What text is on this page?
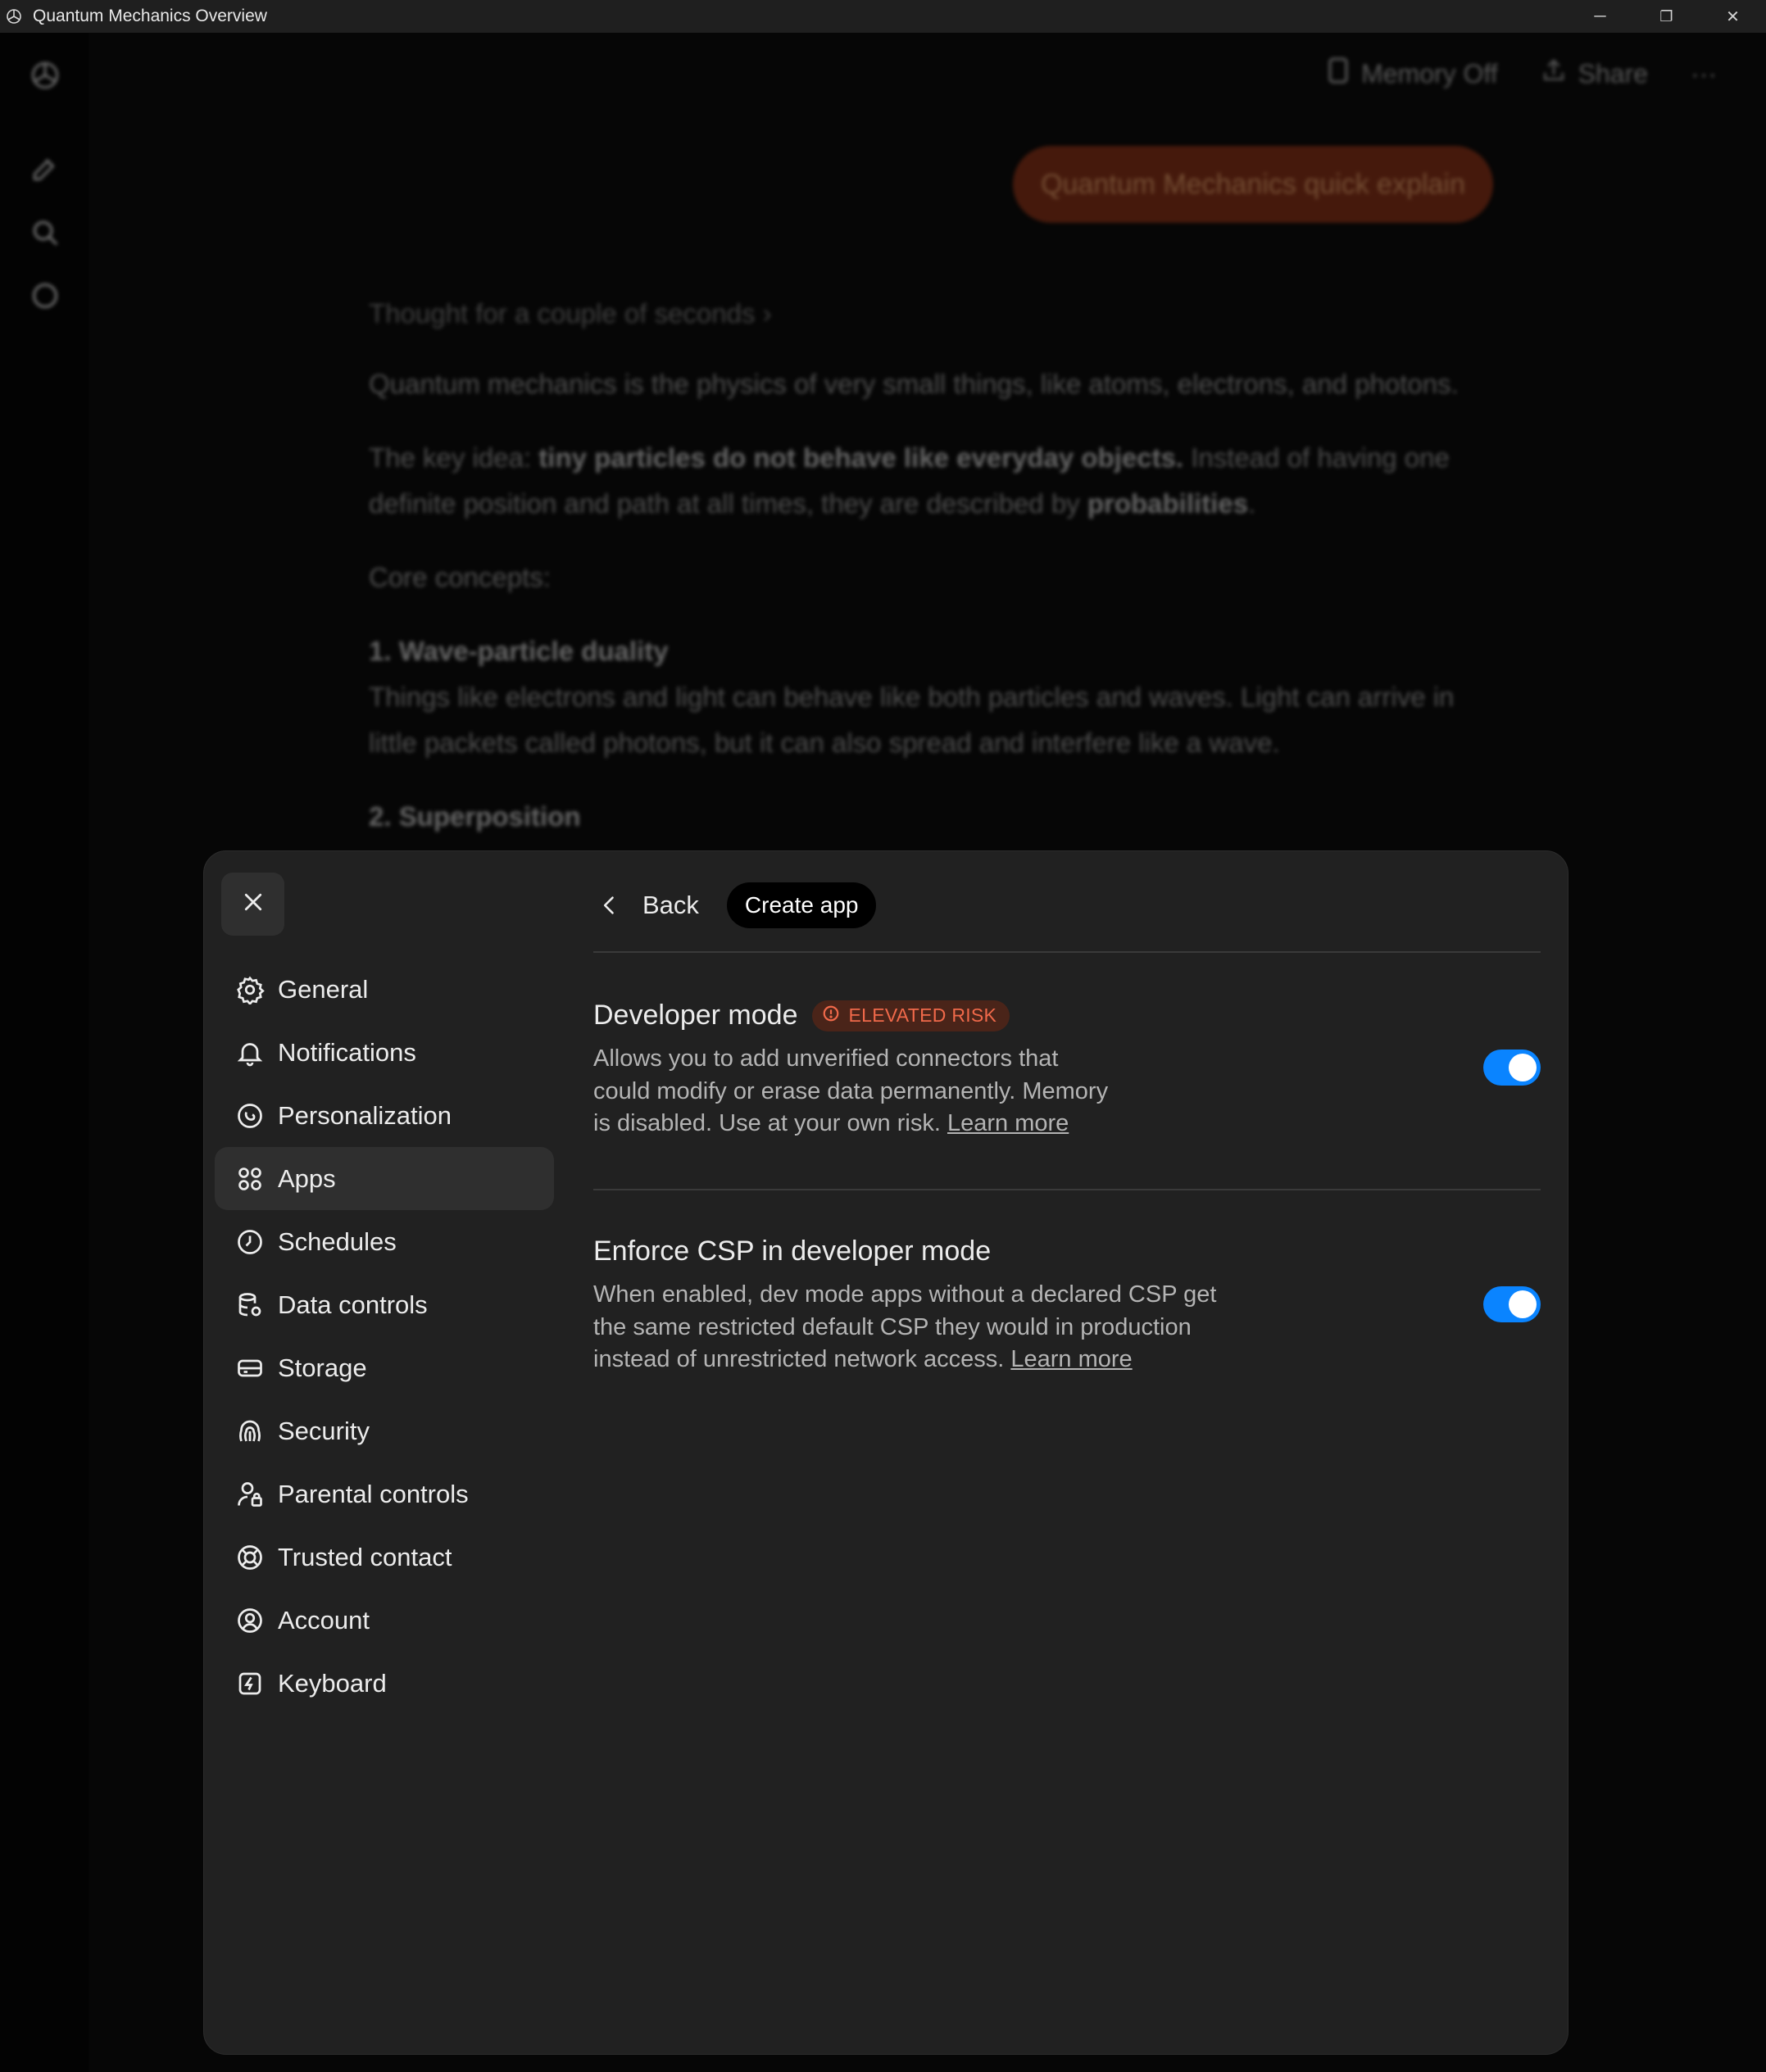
Quantum Mechanics Overview	─	❐	✕
Memory Off	Share ···
Quantum Mechanics quick explain

Thought for a couple of seconds ›

Quantum mechanics is the physics of very small things, like atoms, electrons, and photons.

The key idea: tiny particles do not behave like everyday objects. Instead of having one definite position and path at all times, they are described by probabilities.

Core concepts:

1. Wave-particle duality
Things like electrons and light can behave like both particles and waves. Light can arrive in little packets called photons, but it can also spread and interfere like a wave.

2. Superposition

General
Notifications
Personalization
Apps
Schedules
Data controls
Storage
Security
Parental controls
Trusted contact
Account
Keyboard
Back	Create app
Developer mode	ELEVATED RISK
Allows you to add unverified connectors that
could modify or erase data permanently. Memory
is disabled. Use at your own risk. Learn more
Enforce CSP in developer mode
When enabled, dev mode apps without a declared CSP get
the same restricted default CSP they would in production
instead of unrestricted network access. Learn more
